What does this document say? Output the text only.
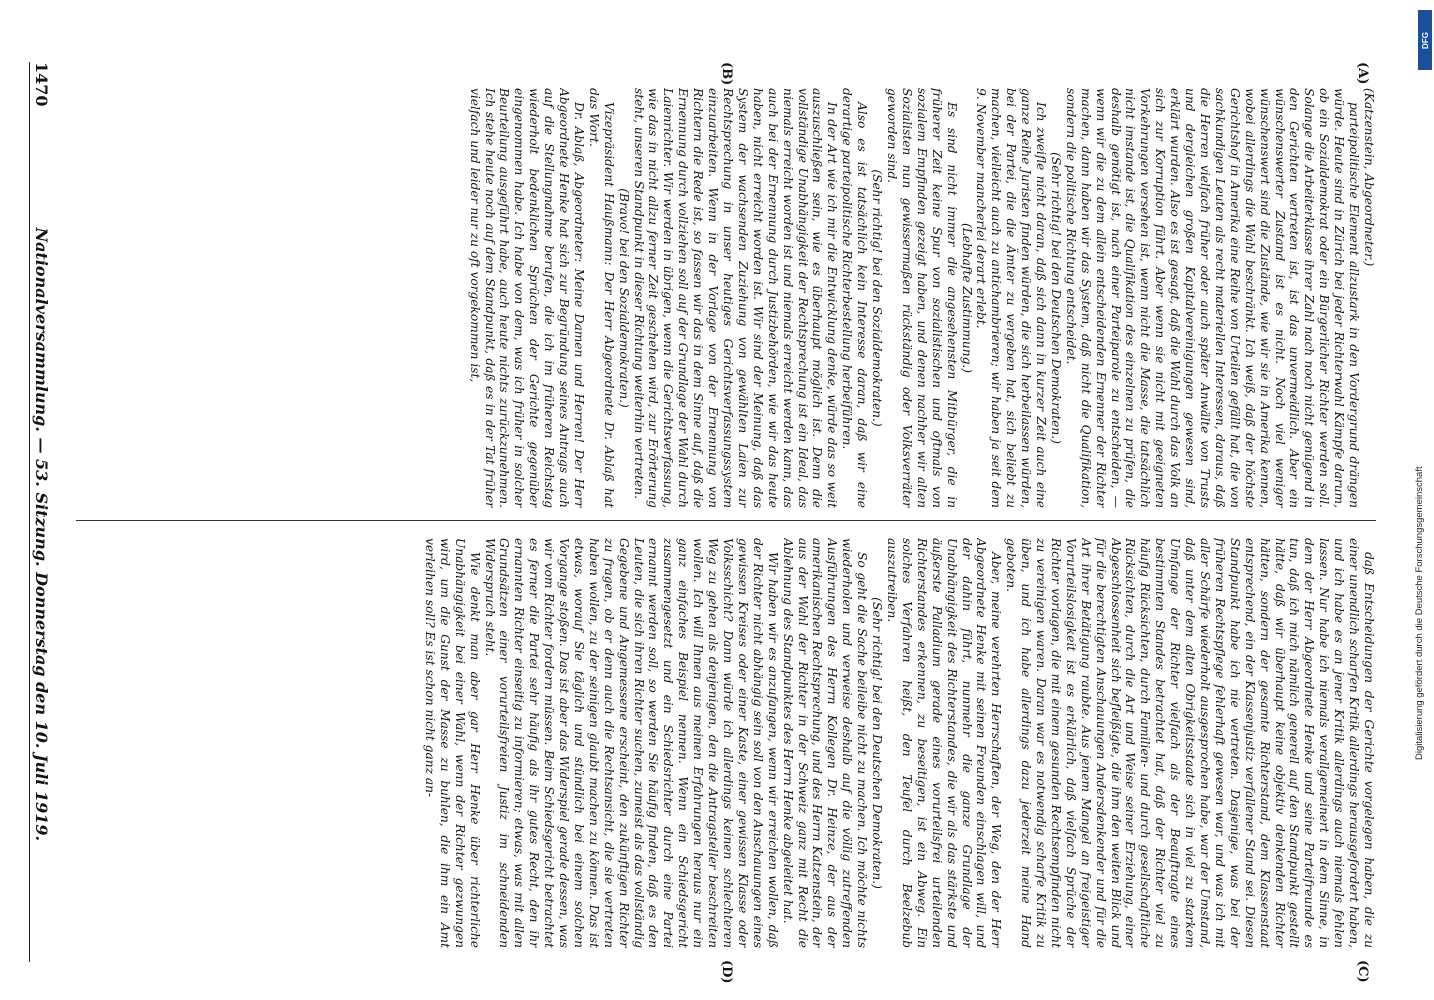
1470
Nationalversammlung. — 53. Sitzung. Donnerstag den 10. Juli 1919.
(A)
(B)
(C)
(D)

(Katzenstein, Abgeordneter.)

parteipolitische Element allzustark in den Vordergrund drängen würde. Heute sind in Zürich bei jeder Richterwahl Kämpfe darum, ob ein Sozialdemokrat oder ein Bürgerlicher Richter werden soll. Solange die Arbeiterklasse ihrer Zahl nach noch nicht genügend in den Gerichten vertreten ist, ist das unvermeidlich. Aber ein wünschenswerter Zustand ist es nicht. Noch viel weniger wünschenswert sind die Zustände, wie wir sie in Amerika kennen, wobei allerdings die Wahl beschränkt. Ich weiß, daß der höchste Gerichtshof in Amerika eine Reihe von Urteilen gefällt hat, die von sachkundigen Leuten als recht materiellen Interessen, daraus, daß die Herren vielfach früher oder auch später Anwälte von Trusts und dergleichen großen Kapitalvereinigungen gewesen sind, erklärt wurden. Also es ist gesagt, daß die Wahl durch das Volk an sich zur Korruption führt. Aber wenn sie nicht mit geeigneten Vorkehrungen versehen ist, wenn nicht die Masse, die tatsächlich nicht imstande ist, die Qualifikation des einzelnen zu prüfen, die deshalb genötigt ist, nach einer Parteiparole zu entscheiden, — wenn wir die zu dem allein entscheidenden Ernenner der Richter machen, dann haben wir das System, daß nicht die Qualifikation, sondern die politische Richtung entscheidet.

(Sehr richtig! bei den Deutschen Demokraten.)

Ich zweifle nicht daran, daß sich dann in kurzer Zeit auch eine ganze Reihe Juristen finden würden, die sich herbeilassen würden, bei der Partei, die die Ämter zu vergeben hat, sich beliebt zu machen, vielleicht auch zu antichambrieren; wir haben ja seit dem 9. November mancherlei derart erlebt.

(Lebhafte Zustimmung.)

Es sind nicht immer die angesehensten Mitbürger, die in früherer Zeit keine Spur von sozialistischen und oftmals von sozialem Empfinden gezeigt haben, und denen nachher wir alten Sozialisten nun gewissermaßen rückständig oder Volksverräter geworden sind.

(Sehr richtig! bei den Sozialdemokraten.)

Also es ist tatsächlich kein Interesse daran, daß wir eine derartige parteipolitische Richterbestellung herbeiführen.

In der Art wie ich mir die Entwicklung denke, würde das so weit auszuschließen sein, wie es überhaupt möglich ist. Denn die vollständige Unabhängigkeit der Rechtsprechung ist ein Ideal, das niemals erreicht worden ist und niemals erreicht werden kann, das auch bei der Ernennung durch Justizbehörden, wie wir das heute haben, nicht erreicht worden ist. Wir sind der Meinung, daß das System der wachsenden Zuziehung von gewählten Laien zur Rechtsprechung in unser heutiges Gerichtsverfassungssystem einzuarbeiten. Wenn in der Vorlage von der Ernennung von Richtern die Rede ist, so fassen wir das in dem Sinne auf, daß die Ernennung durch vollziehen soll auf der Grundlage der Wahl durch Laienrichter. Wir werden in übrigen, wenn die Gerichtsverfassung, wie das in nicht allzu ferner Zeit geschehen wird, zur Erörterung steht, unseren Standpunkt in dieser Richtung weiterhin vertreten.

(Bravo! bei den Sozialdemokraten.)

Vizepräsident Haußmann: Der Herr Abgeordnete Dr. Ablaß hat das Wort.

Dr. Ablaß, Abgeordneter: Meine Damen und Herren! Der Herr Abgeordnete Henke hat sich zur Begründung seines Antrags auch auf die Stellungnahme berufen, die ich im früheren Reichstag wiederholt bedenklichen Sprüchen der Gerichte gegenüber eingenommen habe. Ich habe von dem, was ich früher in solcher Beurteilung ausgeführt habe, auch heute nichts zurückzunehmen. Ich stehe heute noch auf dem Standpunkt, daß es in der Tat früher vielfach und leider nur zu oft vorgekommen ist,

daß Entscheidungen der Gerichte vorgelegen haben, die zu einer unendlich scharfen Kritik allerdings herausgefordert haben, und ich habe es an jener Kritik allerdings auch niemals fehlen lassen. Nur habe ich niemals verallgemeinert in dem Sinne, in dem der Herr Abgeordnete Henke und seine Parteifreunde es tun, daß ich mich nämlich generell auf den Standpunkt gestellt hätte, daß wir überhaupt keine objektiv denkenden Richter hätten, sondern der gesamte Richterstand, dem Klassenstaat entsprechend, ein der Klassenjustiz verfallener Stand sei. Diesen Standpunkt habe ich nie vertreten. Dasjenige, was bei der früheren Rechtspflege fehlerhaft gewesen war, und was ich mit aller Schärfe wiederholt ausgesprochen habe, war der Umstand, daß unter dem alten Obrigkeitsstaate sich in viel zu starkem Umfange der Richter vielfach als der Beauftragte eines bestimmten Standes betrachtet hat, daß der Richter viel zu häufig Rücksichten, durch Familien- und durch gesellschaftliche Rücksichten, durch die Art und Weise seiner Erziehung, einer Abgeschlossenheit sich befleißigte, die ihm den weiten Blick und für die berechtigten Anschauungen Andersdenkender und für die Art ihrer Betätigung raubte. Aus jenem Mangel an freigeistiger Vorurteilslosigkeit ist es erklärlich, daß vielfach Sprüche der Richter vorlagen, die mit einem gesunden Rechtsempfinden nicht zu vereinigen waren. Daran war es notwendig scharfe Kritik zu üben, und ich habe allerdings dazu jederzeit meine Hand geboten.

Aber, meine verehrten Herrschaften, der Weg, den der Herr Abgeordnete Henke mit seinen Freunden einschlagen will, und der dahin führt, nunmehr die ganze Grundlage der Unabhängigkeit des Richterstandes, die wir als das stärkste und äußerste Palladium gerade eines vorurteilsfrei urteilenden Richterstandes erkennen, zu beseitigen, ist ein Abweg. Ein solches Verfahren heißt, den Teufel durch Beelzebub auszutreiben.

(Sehr richtig! bei den Deutschen Demokraten.)

So geht die Sache beileibe nicht zu machen. Ich möchte nichts wiederholen und verweise deshalb auf die völlig zutreffenden Ausführungen des Herrn Kollegen Dr. Heinze, der aus der amerikanischen Rechtsprechung, und des Herrn Katzenstein, der aus der Wahl der Richter in der Schweiz ganz mit Recht die Ablehnung des Standpunktes des Herrn Henke abgeleitet hat.

Wir haben wir es anzufangen, wenn wir erreichen wollen, daß der Richter nicht abhängig sein soll von den Anschauungen eines gewissen Kreises oder einer Kaste, einer gewissen Klasse oder Volksschicht? Dann würde ich allerdings keinen schlechteren Weg zu gehen als denjenigen, den die Antragsteller beschreiten wollen. Ich will Ihnen aus meinen Erfahrungen heraus nur ein ganz einfaches Beispiel nennen. Wenn ein Schiedsgericht zusammengesetzt und ein Schiedsrichter durch eine Partei ernannt werden soll, so werden Sie häufig finden, daß es den Leuten, die sich ihren Richter suchen, zumeist als das vollständig Gegebene und Angemessene erscheint, den zukünftigen Richter zu fragen, ob er denn auch die Rechtsansicht, die sie vertreten haben wollen, zu der seinigen glaubt machen zu können. Das ist etwas, worauf Sie täglich und stündlich bei einem solchen Vorgange stoßen. Das ist aber das Widerspiel gerade dessen, was wir vom Richter fordern müssen. Beim Schiedsgericht betrachtet es ferner die Partei sehr häufig als ihr gutes Recht, den ihr ernannten Richter einseitig zu informieren; etwas, was mit allen Grundsätzen einer vorurteilsfreien Justiz im schneidenden Widerspruch steht.

Wie denkt man aber gar Herr Henke über richterliche Unabhängigkeit bei einer Wahl, wenn der Richter gezwungen wird, um die Gunst der Masse zu buhlen, die ihm ein Amt verleihen soll? Es ist schon nicht ganz an-

DFG
Digitalisierung gefördert durch die Deutsche Forschungsgemeinschaft
